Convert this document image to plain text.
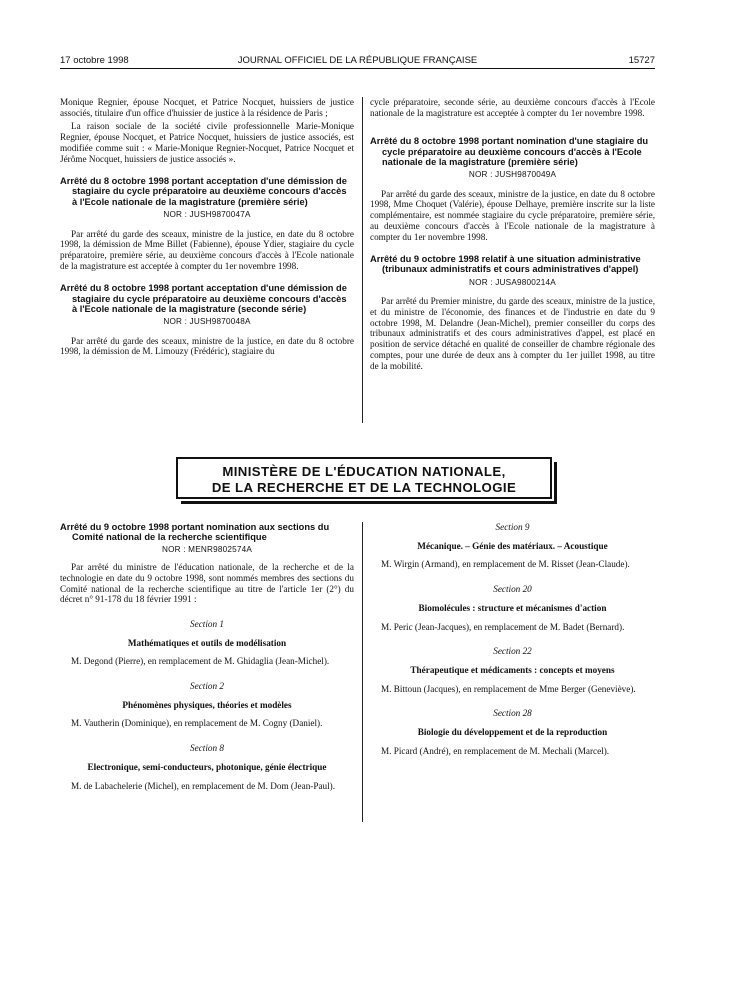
17 octobre 1998	JOURNAL OFFICIEL DE LA RÉPUBLIQUE FRANÇAISE	15727

Monique Regnier, épouse Nocquet, et Patrice Nocquet, huissiers de justice associés, titulaire d'un office d'huissier de justice à la résidence de Paris ;

La raison sociale de la société civile professionnelle Marie-Monique Regnier, épouse Nocquet, et Patrice Nocquet, huissiers de justice associés, est modifiée comme suit : « Marie-Monique Regnier-Nocquet, Patrice Nocquet et Jérôme Nocquet, huissiers de justice associés ».

Arrêté du 8 octobre 1998 portant acceptation d'une démission de stagiaire du cycle préparatoire au deuxième concours d'accès à l'Ecole nationale de la magistrature (première série)
NOR : JUSH9870047A

Par arrêté du garde des sceaux, ministre de la justice, en date du 8 octobre 1998, la démission de Mme Billet (Fabienne), épouse Ydier, stagiaire du cycle préparatoire, première série, au deuxième concours d'accès à l'Ecole nationale de la magistrature est acceptée à compter du 1er novembre 1998.

Arrêté du 8 octobre 1998 portant acceptation d'une démission de stagiaire du cycle préparatoire au deuxième concours d'accès à l'Ecole nationale de la magistrature (seconde série)
NOR : JUSH9870048A

Par arrêté du garde des sceaux, ministre de la justice, en date du 8 octobre 1998, la démission de M. Limouzy (Frédéric), stagiaire du

cycle préparatoire, seconde série, au deuxième concours d'accès à l'Ecole nationale de la magistrature est acceptée à compter du 1er novembre 1998.

Arrêté du 8 octobre 1998 portant nomination d'une stagiaire du cycle préparatoire au deuxième concours d'accès à l'Ecole nationale de la magistrature (première série)
NOR : JUSH9870049A

Par arrêté du garde des sceaux, ministre de la justice, en date du 8 octobre 1998, Mme Choquet (Valérie), épouse Delhaye, première inscrite sur la liste complémentaire, est nommée stagiaire du cycle préparatoire, première série, au deuxième concours d'accès à l'Ecole nationale de la magistrature à compter du 1er novembre 1998.

Arrêté du 9 octobre 1998 relatif à une situation administrative (tribunaux administratifs et cours administratives d'appel)
NOR : JUSA9800214A

Par arrêté du Premier ministre, du garde des sceaux, ministre de la justice, et du ministre de l'économie, des finances et de l'industrie en date du 9 octobre 1998, M. Delandre (Jean-Michel), premier conseiller du corps des tribunaux administratifs et des cours administratives d'appel, est placé en position de service détaché en qualité de conseiller de chambre régionale des comptes, pour une durée de deux ans à compter du 1er juillet 1998, au titre de la mobilité.

MINISTÈRE DE L'ÉDUCATION NATIONALE,
DE LA RECHERCHE ET DE LA TECHNOLOGIE
Arrêté du 9 octobre 1998 portant nomination aux sections du Comité national de la recherche scientifique
NOR : MENR9802574A

Par arrêté du ministre de l'éducation nationale, de la recherche et de la technologie en date du 9 octobre 1998, sont nommés membres des sections du Comité national de la recherche scientifique au titre de l'article 1er (2°) du décret n° 91-178 du 18 février 1991 :

Section 1
Mathématiques et outils de modélisation

M. Degond (Pierre), en remplacement de M. Ghidaglia (Jean-Michel).

Section 2
Phénomènes physiques, théories et modèles

M. Vautherin (Dominique), en remplacement de M. Cogny (Daniel).

Section 8
Electronique, semi-conducteurs, photonique, génie électrique

M. de Labachelerie (Michel), en remplacement de M. Dom (Jean-Paul).

Section 9
Mécanique. – Génie des matériaux. – Acoustique

M. Wirgin (Armand), en remplacement de M. Risset (Jean-Claude).

Section 20
Biomolécules : structure et mécanismes d'action

M. Peric (Jean-Jacques), en remplacement de M. Badet (Bernard).

Section 22
Thérapeutique et médicaments : concepts et moyens

M. Bittoun (Jacques), en remplacement de Mme Berger (Geneviève).

Section 28
Biologie du développement et de la reproduction

M. Picard (André), en remplacement de M. Mechali (Marcel).
